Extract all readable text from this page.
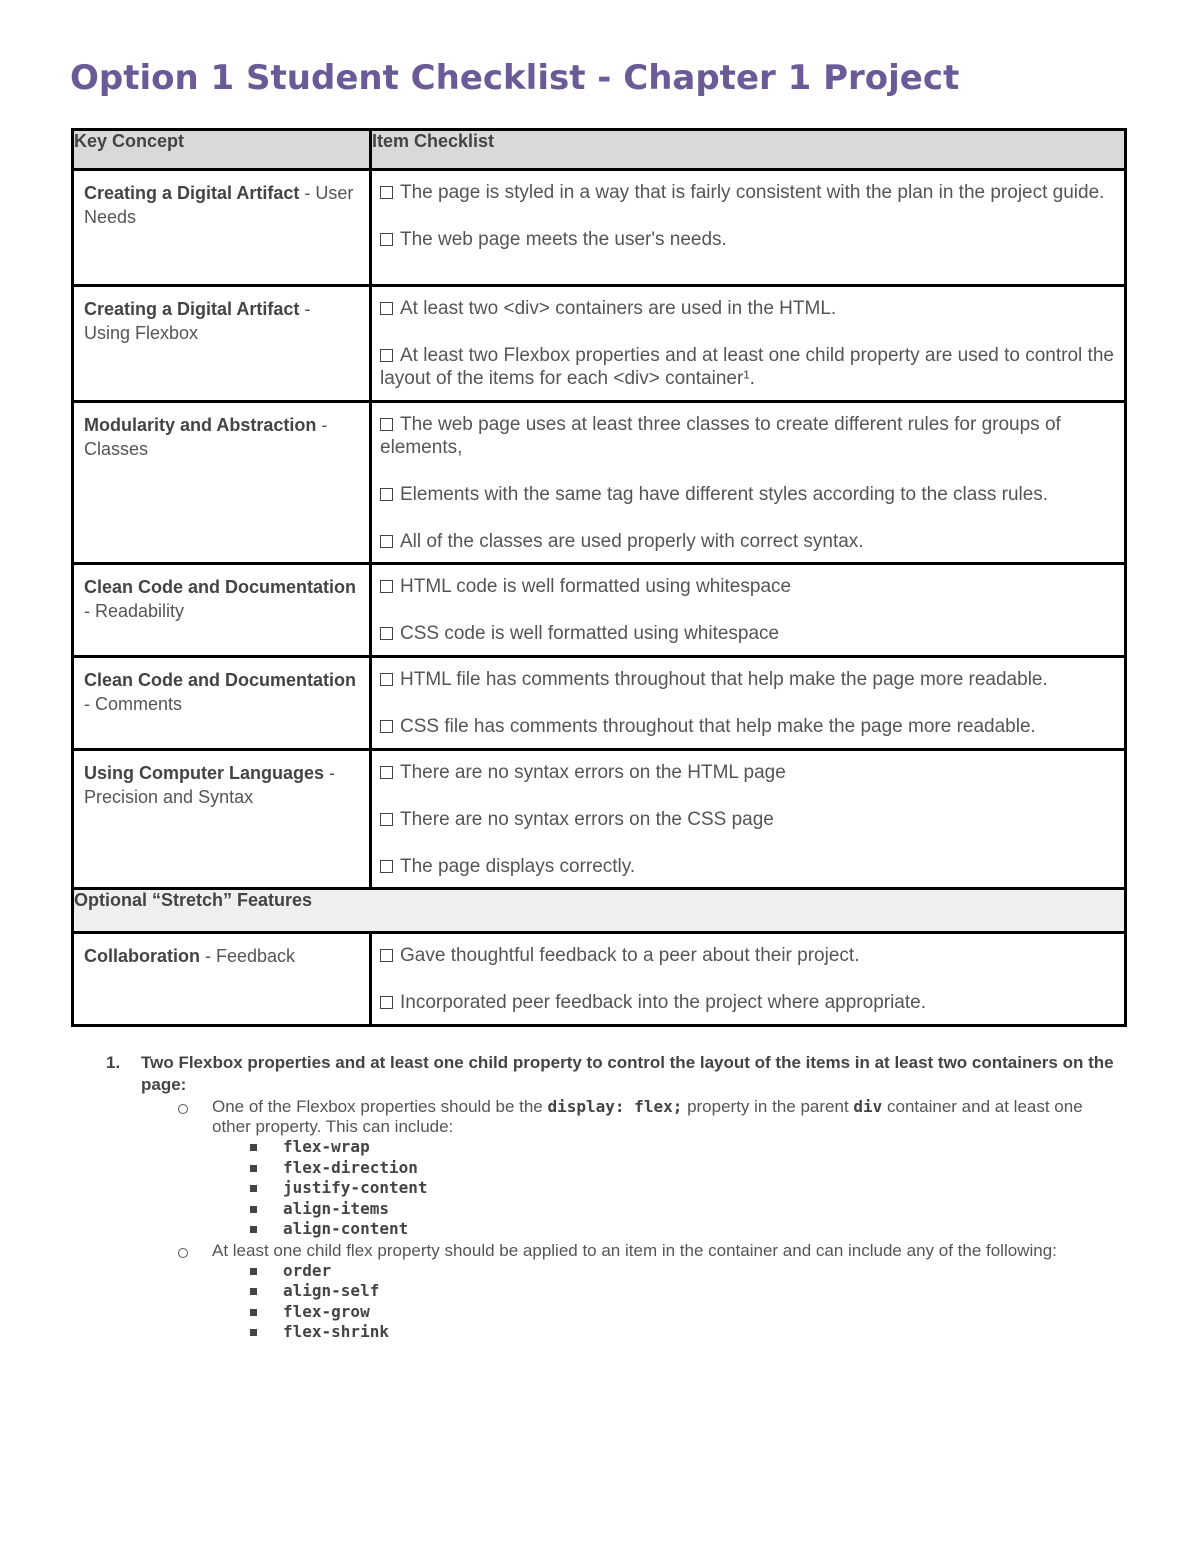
Option 1 Student Checklist - Chapter 1 Project
Key Concept	Item Checklist
Creating a Digital Artifact - User Needs	The page is styled in a way that is fairly consistent with the plan in the project guide.
The web page meets the user's needs.

Creating a Digital Artifact - Using Flexbox	At least two <div> containers are used in the HTML.
At least two Flexbox properties and at least one child property are used to control the layout of the items for each <div> container¹.

Modularity and Abstraction - Classes	The web page uses at least three classes to create different rules for groups of elements,
Elements with the same tag have different styles according to the class rules.
All of the classes are used properly with correct syntax.

Clean Code and Documentation - Readability	HTML code is well formatted using whitespace
CSS code is well formatted using whitespace

Clean Code and Documentation - Comments	HTML file has comments throughout that help make the page more readable.
CSS file has comments throughout that help make the page more readable.

Using Computer Languages - Precision and Syntax	There are no syntax errors on the HTML page
There are no syntax errors on the CSS page
The page displays correctly.

Optional “Stretch” Features	
Collaboration - Feedback	Gave thoughtful feedback to a peer about their project.
Incorporated peer feedback into the project where appropriate.
1. Two Flexbox properties and at least one child property to control the layout of the items in at least two containers on the page:
One of the Flexbox properties should be the display: flex; property in the parent div container and at least one other property. This can include:
flex-wrap
flex-direction
justify-content
align-items
align-content
At least one child flex property should be applied to an item in the container and can include any of the following:
order
align-self
flex-grow
flex-shrink
